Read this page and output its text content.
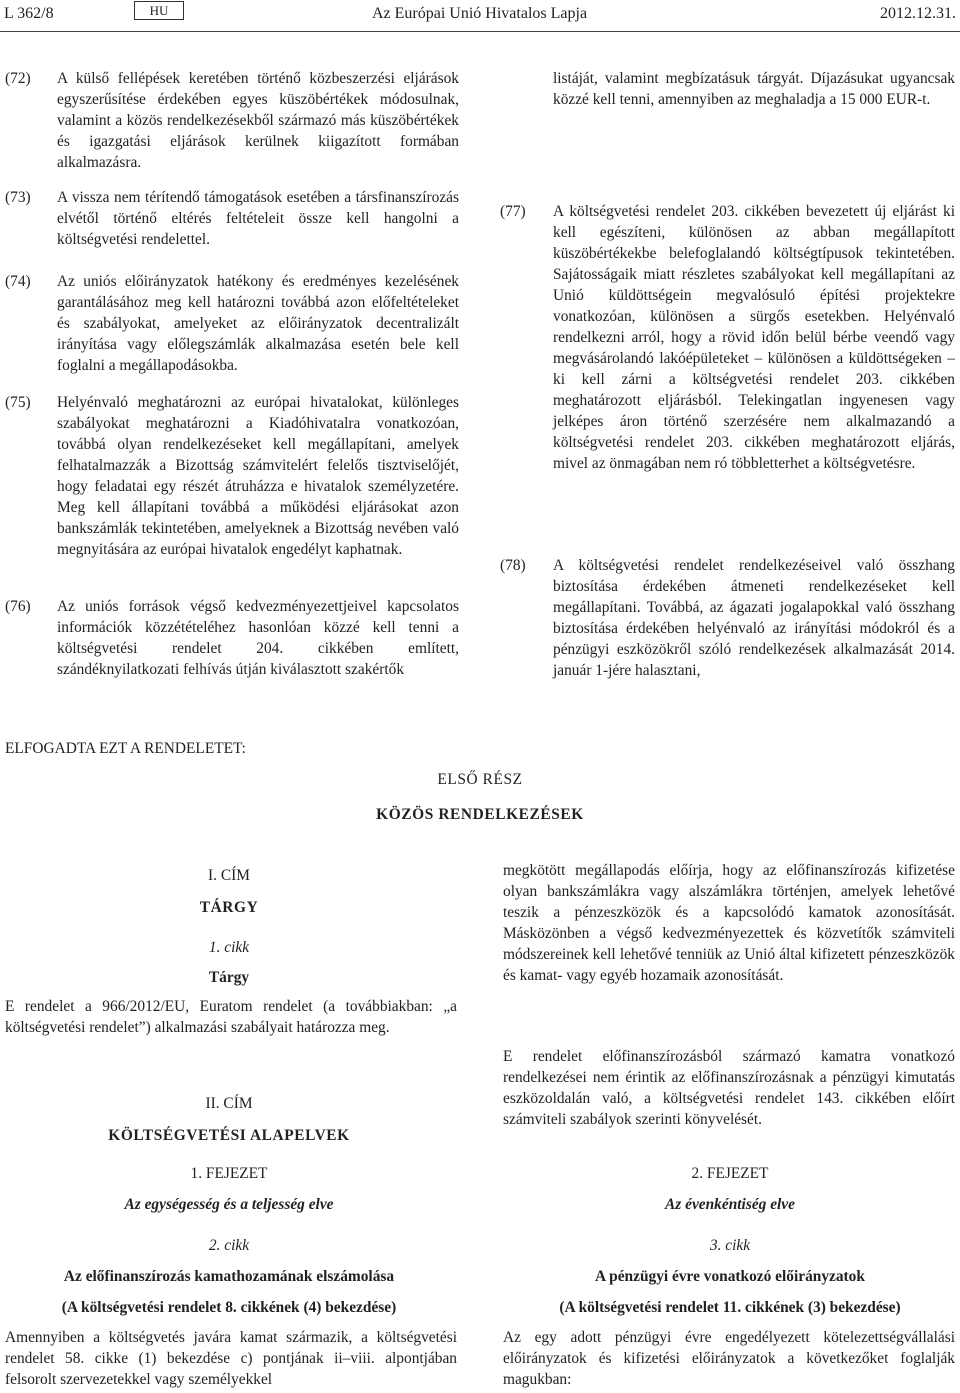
L 362/8	HU	Az Európai Unió Hivatalos Lapja	2012.12.31.
(72) A külső fellépések keretében történő közbeszerzési eljárások egyszerűsítése érdekében egyes küszöbértékek módosulnak, valamint a közös rendelkezésekből származó más küszöbértékek és igazgatási eljárások kerülnek kiigazított formában alkalmazásra.
(73) A vissza nem térítendő támogatások esetében a társfinanszírozás elvétől történő eltérés feltételeit össze kell hangolni a költségvetési rendelettel.
(74) Az uniós előirányzatok hatékony és eredményes kezelésének garantálásához meg kell határozni továbbá azon előfeltételeket és szabályokat, amelyeket az előirányzatok decentralizált irányítása vagy előlegszámlák alkalmazása esetén bele kell foglalni a megállapodásokba.
(75) Helyénvaló meghatározni az európai hivatalokat, különleges szabályokat meghatározni a Kiadóhivatalra vonatkozóan, továbbá olyan rendelkezéseket kell megállapítani, amelyek felhatalmazzák a Bizottság számvitelért felelős tisztviselőjét, hogy feladatai egy részét átruházza e hivatalok személyzetére. Meg kell állapítani továbbá a működési eljárásokat azon bankszámlák tekintetében, amelyeknek a Bizottság nevében való megnyitására az európai hivatalok engedélyt kaphatnak.
(76) Az uniós források végső kedvezményezettjeivel kapcsolatos információk közzétételéhez hasonlóan közzé kell tenni a költségvetési rendelet 204. cikkében említett, szándéknyilatkozati felhívás útján kiválasztott szakértők
listáját, valamint megbízatásuk tárgyát. Díjazásukat ugyancsak közzé kell tenni, amennyiben az meghaladja a 15 000 EUR-t.
(77) A költségvetési rendelet 203. cikkében bevezetett új eljárást ki kell egészíteni, különösen az abban megállapított küszöbértékekbe belefoglalandó költségtípusok tekintetében. Sajátosságaik miatt részletes szabályokat kell megállapítani az Unió küldöttségein megvalósuló építési projektekre vonatkozóan, különösen a sürgős esetekben. Helyénvaló rendelkezni arról, hogy a rövid időn belül bérbe veendő vagy megvásárolandó lakóépületeket – különösen a küldöttségeken – ki kell zárni a költségvetési rendelet 203. cikkében meghatározott eljárásból. Telekingatlan ingyenesen vagy jelképes áron történő szerzésére nem alkalmazandó a költségvetési rendelet 203. cikkében meghatározott eljárás, mivel az önmagában nem ró többletterhet a költségvetésre.
(78) A költségvetési rendelet rendelkezéseivel való összhang biztosítása érdekében átmeneti rendelkezéseket kell megállapítani. Továbbá, az ágazati jogalapokkal való összhang biztosítása érdekében helyénvaló az irányítási módokról és a pénzügyi eszközökről szóló rendelkezések alkalmazását 2014. január 1-jére halasztani,
ELFOGADTA EZT A RENDELETET:
ELSŐ RÉSZ
KÖZÖS RENDELKEZÉSEK
I. CÍM
TÁRGY
1. cikk
Tárgy
E rendelet a 966/2012/EU, Euratom rendelet (a továbbiakban: „a költségvetési rendelet”) alkalmazási szabályait határozza meg.
II. CÍM
KÖLTSÉGVETÉSI ALAPELVEK
megkötött megállapodás előírja, hogy az előfinanszírozás kifizetése olyan bankszámlákra vagy alszámlákra történjen, amelyek lehetővé teszik a pénzeszközök és a kapcsolódó kamatok azonosítását. Másközönben a végső kedvezményezettek és közvetítők számviteli módszereinek kell lehetővé tenniük az Unió által kifizetett pénzeszközök és kamat- vagy egyéb hozamaik azonosítását.
E rendelet előfinanszírozásból származó kamatra vonatkozó rendelkezései nem érintik az előfinanszírozásnak a pénzügyi kimutatás eszközoldalán való, a költségvetési rendelet 143. cikkében előírt számviteli szabályok szerinti könyvelését.
1. FEJEZET
Az egységesség és a teljesség elve
2. cikk
Az előfinanszírozás kamathozamának elszámolása
(A költségvetési rendelet 8. cikkének (4) bekezdése)
Amennyiben a költségvetés javára kamat származik, a költségvetési rendelet 58. cikke (1) bekezdése c) pontjának ii–viii. alpontjában felsorolt szervezetekkel vagy személyekkel
2. FEJEZET
Az évenkéntiség elve
3. cikk
A pénzügyi évre vonatkozó előirányzatok
(A költségvetési rendelet 11. cikkének (3) bekezdése)
Az egy adott pénzügyi évre engedélyezett kötelezettségvállalási előirányzatok és kifizetési előirányzatok a következőket foglalják magukban:
